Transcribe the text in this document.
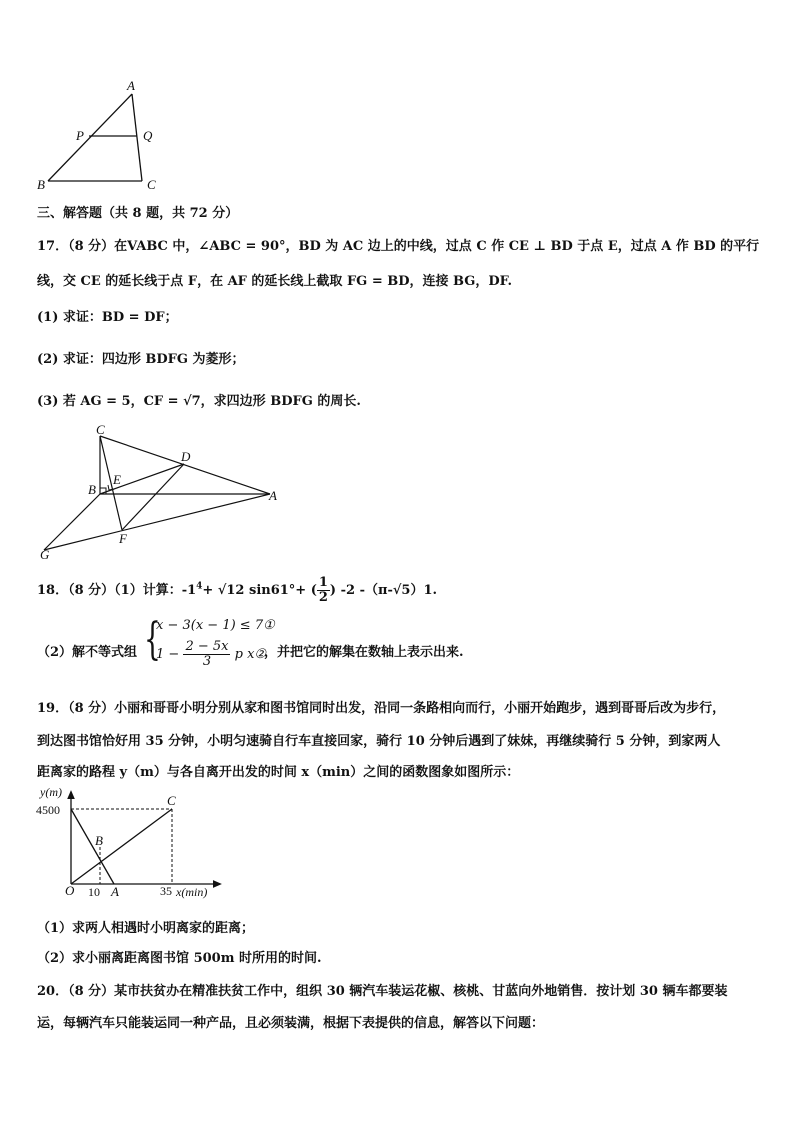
A
P	Q
B	C
三、解答题（共 8 题，共 72 分）
17．（8 分）在VABC 中，∠ABC = 90°，BD 为 AC 边上的中线，过点 C 作 CE ⊥ BD 于点 E，过点 A 作 BD 的平行
线，交 CE 的延长线于点 F，在 AF 的延长线上截取 FG = BD，连接 BG，DF.
(1) 求证：BD = DF；
(2) 求证：四边形 BDFG 为菱形；
(3) 若 AG = 5，CF = √7，求四边形 BDFG 的周长.
C
D
E
B	A
F
G
18．（8 分）（1）计算：$-1^4+ √12$ sin61°+ ( $\frac{1}{2}$ ) -2 -（π-√5）1.
（2）解不等式组 {
x − 3(x − 1) ≤ 7①
$1 - \frac{2 - 5x}{3}$ p x②
，并把它的解集在数轴上表示出来.
19．（8 分）小丽和哥哥小明分别从家和图书馆同时出发，沿同一条路相向而行，小丽开始跑步，遇到哥哥后改为步行，
到达图书馆恰好用 35 分钟，小明匀速骑自行车直接回家，骑行 10 分钟后遇到了妹妹，再继续骑行 5 分钟，到家两人
距离家的路程 y（m）与各自离开出发的时间 x（min）之间的函数图象如图所示：
y(m)
4500
C
B
O 10 A	35 x(min)
（1）求两人相遇时小明离家的距离；
（2）求小丽离距离图书馆 500m 时所用的时间.
20．（8 分）某市扶贫办在精准扶贫工作中，组织 30 辆汽车装运花椒、核桃、甘蓝向外地销售．按计划 30 辆车都要装
运，每辆汽车只能装运同一种产品，且必须装满，根据下表提供的信息，解答以下问题：
